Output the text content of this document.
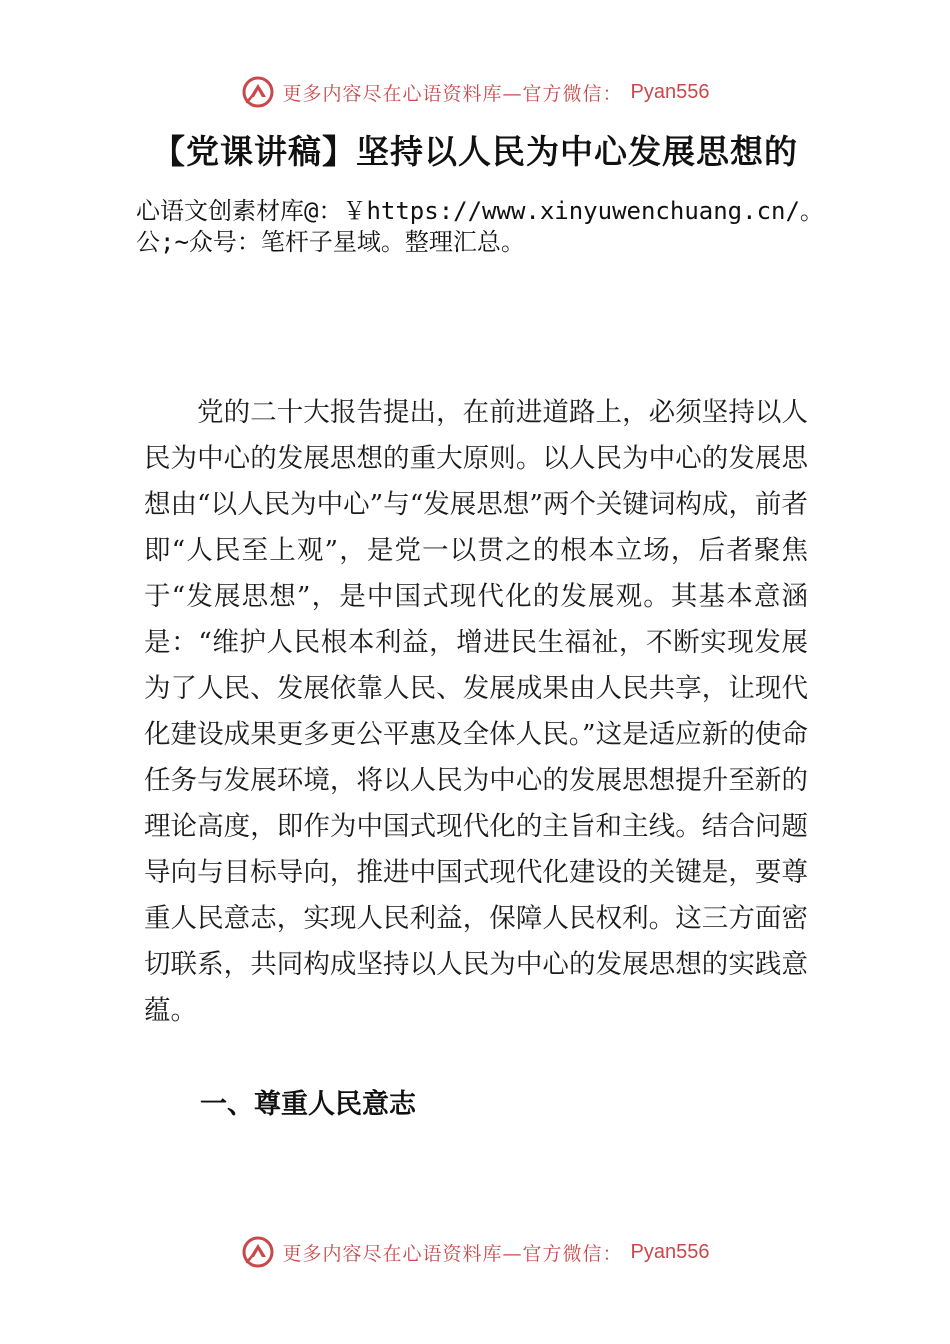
更多内容尽在心语资料库—官方微信： Pyan556
【党课讲稿】坚持以人民为中心发展思想的
心语文创素材库@：￥https://www.xinyuwenchuang.cn/。公;~众号：笔杆子星域。整理汇总。

党的二十大报告提出，在前进道路上，必须坚持以人民为中心的发展思想的重大原则。以人民为中心的发展思想由“以人民为中心”与“发展思想”两个关键词构成，前者即“人民至上观”，是党一以贯之的根本立场，后者聚焦于“发展思想”，是中国式现代化的发展观。其基本意涵是：“维护人民根本利益，增进民生福祉，不断实现发展为了人民、发展依靠人民、发展成果由人民共享，让现代化建设成果更多更公平惠及全体人民。”这是适应新的使命任务与发展环境，将以人民为中心的发展思想提升至新的理论高度，即作为中国式现代化的主旨和主线。结合问题导向与目标导向，推进中国式现代化建设的关键是，要尊重人民意志，实现人民利益，保障人民权利。这三方面密切联系，共同构成坚持以人民为中心的发展思想的实践意蕴。

一、尊重人民意志
更多内容尽在心语资料库—官方微信： Pyan556
